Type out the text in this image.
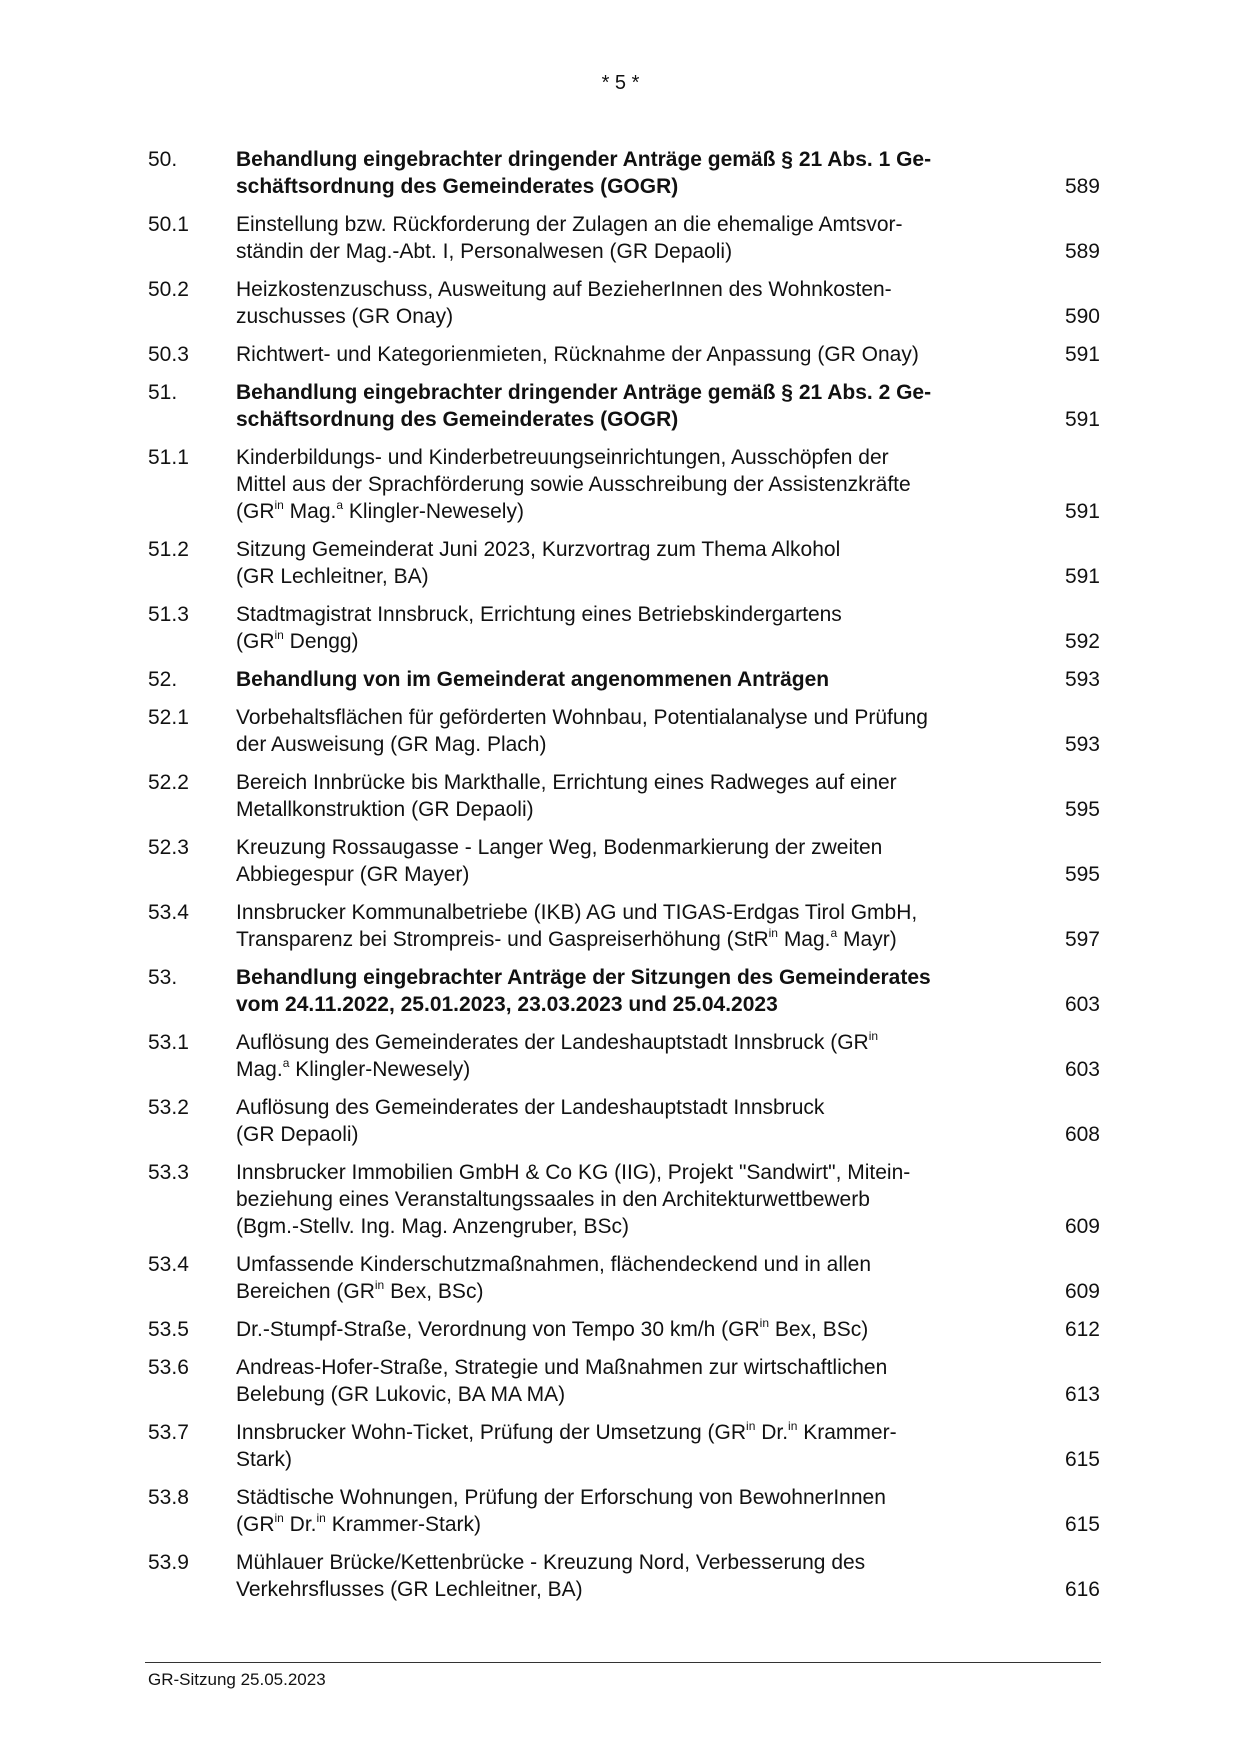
* 5 *
50.	Behandlung eingebrachter dringender Anträge gemäß § 21 Abs. 1 Ge-
schäftsordnung des Gemeinderates (GOGR)	589
50.1	Einstellung bzw. Rückforderung der Zulagen an die ehemalige Amtsvor-
ständin der Mag.-Abt. I, Personalwesen (GR Depaoli)	589
50.2	Heizkostenzuschuss, Ausweitung auf BezieherInnen des Wohnkosten-
zuschusses (GR Onay)	590
50.3	Richtwert- und Kategorienmieten, Rücknahme der Anpassung (GR Onay)	591
51.	Behandlung eingebrachter dringender Anträge gemäß § 21 Abs. 2 Ge-
schäftsordnung des Gemeinderates (GOGR)	591
51.1	Kinderbildungs- und Kinderbetreuungseinrichtungen, Ausschöpfen der
Mittel aus der Sprachförderung sowie Ausschreibung der Assistenzkräfte
($GR^{in}$ Mag.$^a$ Klingler-Newesely)	591
51.2	Sitzung Gemeinderat Juni 2023, Kurzvortrag zum Thema Alkohol
(GR Lechleitner, BA)	591
51.3	Stadtmagistrat Innsbruck, Errichtung eines Betriebskindergartens
($GR^{in}$ Dengg)	592
52.	Behandlung von im Gemeinderat angenommenen Anträgen	593
52.1	Vorbehaltsflächen für geförderten Wohnbau, Potentialanalyse und Prüfung
der Ausweisung (GR Mag. Plach)	593
52.2	Bereich Innbrücke bis Markthalle, Errichtung eines Radweges auf einer
Metallkonstruktion (GR Depaoli)	595
52.3	Kreuzung Rossaugasse - Langer Weg, Bodenmarkierung der zweiten
Abbiegespur (GR Mayer)	595
53.4	Innsbrucker Kommunalbetriebe (IKB) AG und TIGAS-Erdgas Tirol GmbH,
Transparenz bei Strompreis- und Gaspreiserhöhung (StR$^{in}$ Mag.$^a$ Mayr)	597
53.	Behandlung eingebrachter Anträge der Sitzungen des Gemeinderates
vom 24.11.2022, 25.01.2023, 23.03.2023 und 25.04.2023	603
53.1	Auflösung des Gemeinderates der Landeshauptstadt Innsbruck ($GR^{in}$
Mag.$^a$ Klingler-Newesely)	603
53.2	Auflösung des Gemeinderates der Landeshauptstadt Innsbruck
(GR Depaoli)	608
53.3	Innsbrucker Immobilien GmbH & Co KG (IIG), Projekt "Sandwirt", Mitein-
beziehung eines Veranstaltungssaales in den Architekturwettbewerb
(Bgm.-Stellv. Ing. Mag. Anzengruber, BSc)	609
53.4	Umfassende Kinderschutzmaßnahmen, flächendeckend und in allen
Bereichen ($GR^{in}$ Bex, BSc)	609
53.5	Dr.-Stumpf-Straße, Verordnung von Tempo 30 km/h ($GR^{in}$ Bex, BSc)	612
53.6	Andreas-Hofer-Straße, Strategie und Maßnahmen zur wirtschaftlichen
Belebung (GR Lukovic, BA MA MA)	613
53.7	Innsbrucker Wohn-Ticket, Prüfung der Umsetzung ($GR^{in}$ Dr.$^{in}$ Krammer-
Stark)	615
53.8	Städtische Wohnungen, Prüfung der Erforschung von BewohnerInnen
($GR^{in}$ Dr.$^{in}$ Krammer-Stark)	615
53.9	Mühlauer Brücke/Kettenbrücke - Kreuzung Nord, Verbesserung des
Verkehrsflusses (GR Lechleitner, BA)	616
GR-Sitzung 25.05.2023
